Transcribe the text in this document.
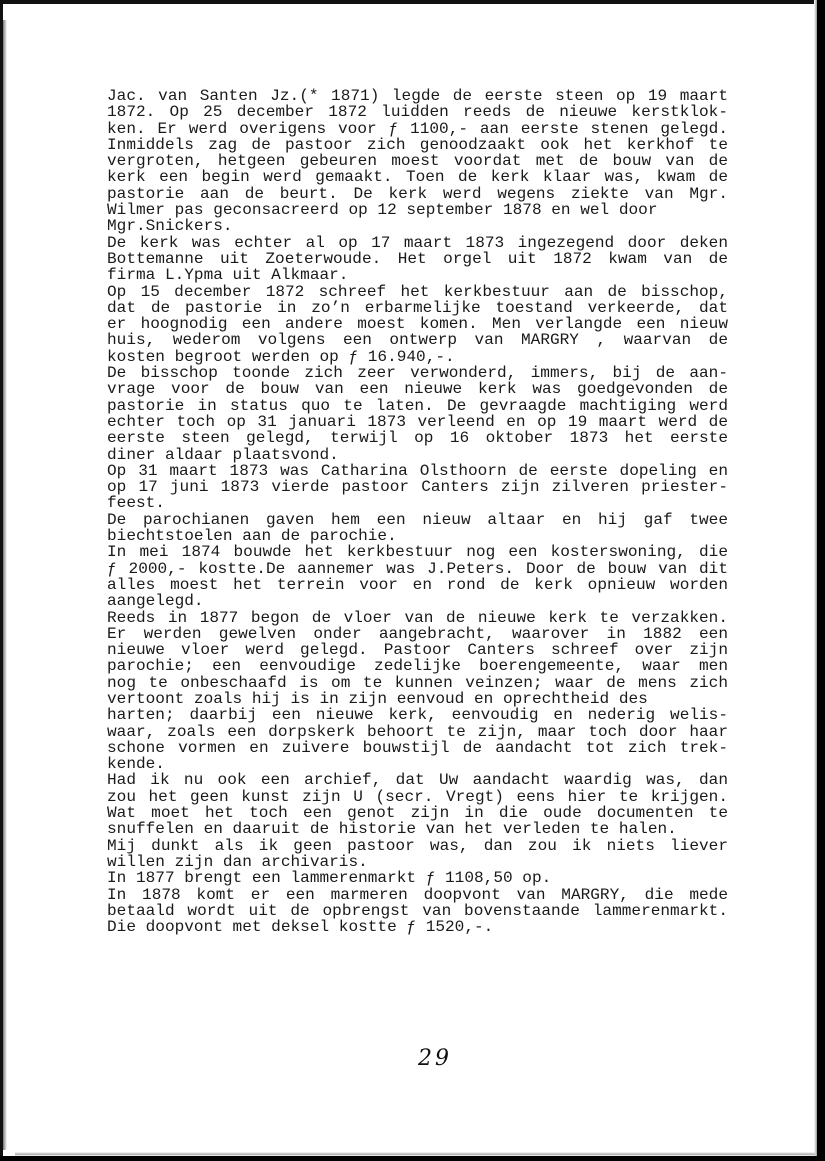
Jac. van Santen Jz.(* 1871) legde de eerste steen op 19 maart
1872. Op 25 december 1872 luidden reeds de nieuwe kerstklok-
ken. Er werd overigens voor ƒ 1100,- aan eerste stenen gelegd.
Inmiddels zag de pastoor zich genoodzaakt ook het kerkhof te
vergroten, hetgeen gebeuren moest voordat met de bouw van de
kerk een begin werd gemaakt. Toen de kerk klaar was, kwam de
pastorie aan de beurt. De kerk werd wegens ziekte van Mgr.
Wilmer pas geconsacreerd op 12 september 1878 en wel door
Mgr.Snickers.
De kerk was echter al op 17 maart 1873 ingezegend door deken
Bottemanne uit Zoeterwoude. Het orgel uit 1872 kwam van de
firma L.Ypma uit Alkmaar.
Op 15 december 1872 schreef het kerkbestuur aan de bisschop,
dat de pastorie in zo’n erbarmelijke toestand verkeerde, dat
er hoognodig een andere moest komen. Men verlangde een nieuw
huis, wederom volgens een ontwerp van MARGRY , waarvan de
kosten begroot werden op ƒ 16.940,-.
De bisschop toonde zich zeer verwonderd, immers, bij de aan-
vrage voor de bouw van een nieuwe kerk was goedgevonden de
pastorie in status quo te laten. De gevraagde machtiging werd
echter toch op 31 januari 1873 verleend en op 19 maart werd de
eerste steen gelegd, terwijl op 16 oktober 1873 het eerste
diner aldaar plaatsvond.
Op 31 maart 1873 was Catharina Olsthoorn de eerste dopeling en
op 17 juni 1873 vierde pastoor Canters zijn zilveren priester-
feest.
De parochianen gaven hem een nieuw altaar en hij gaf twee
biechtstoelen aan de parochie.
In mei 1874 bouwde het kerkbestuur nog een kosterswoning, die
ƒ 2000,- kostte.De aannemer was J.Peters. Door de bouw van dit
alles moest het terrein voor en rond de kerk opnieuw worden
aangelegd.
Reeds in 1877 begon de vloer van de nieuwe kerk te verzakken.
Er werden gewelven onder aangebracht, waarover in 1882 een
nieuwe vloer werd gelegd. Pastoor Canters schreef over zijn
parochie; een eenvoudige zedelijke boerengemeente, waar men
nog te onbeschaafd is om te kunnen veinzen; waar de mens zich
vertoont zoals hij is in zijn eenvoud en oprechtheid des
harten; daarbij een nieuwe kerk, eenvoudig en nederig welis-
waar, zoals een dorpskerk behoort te zijn, maar toch door haar
schone vormen en zuivere bouwstijl de aandacht tot zich trek-
kende.
Had ik nu ook een archief, dat Uw aandacht waardig was, dan
zou het geen kunst zijn U (secr. Vregt) eens hier te krijgen.
Wat moet het toch een genot zijn in die oude documenten te
snuffelen en daaruit de historie van het verleden te halen.
Mij dunkt als ik geen pastoor was, dan zou ik niets liever
willen zijn dan archivaris.
In 1877 brengt een lammerenmarkt ƒ 1108,50 op.
In 1878 komt er een marmeren doopvont van MARGRY, die mede
betaald wordt uit de opbrengst van bovenstaande lammerenmarkt.
Die doopvont met deksel kostte ƒ 1520,-.
29
